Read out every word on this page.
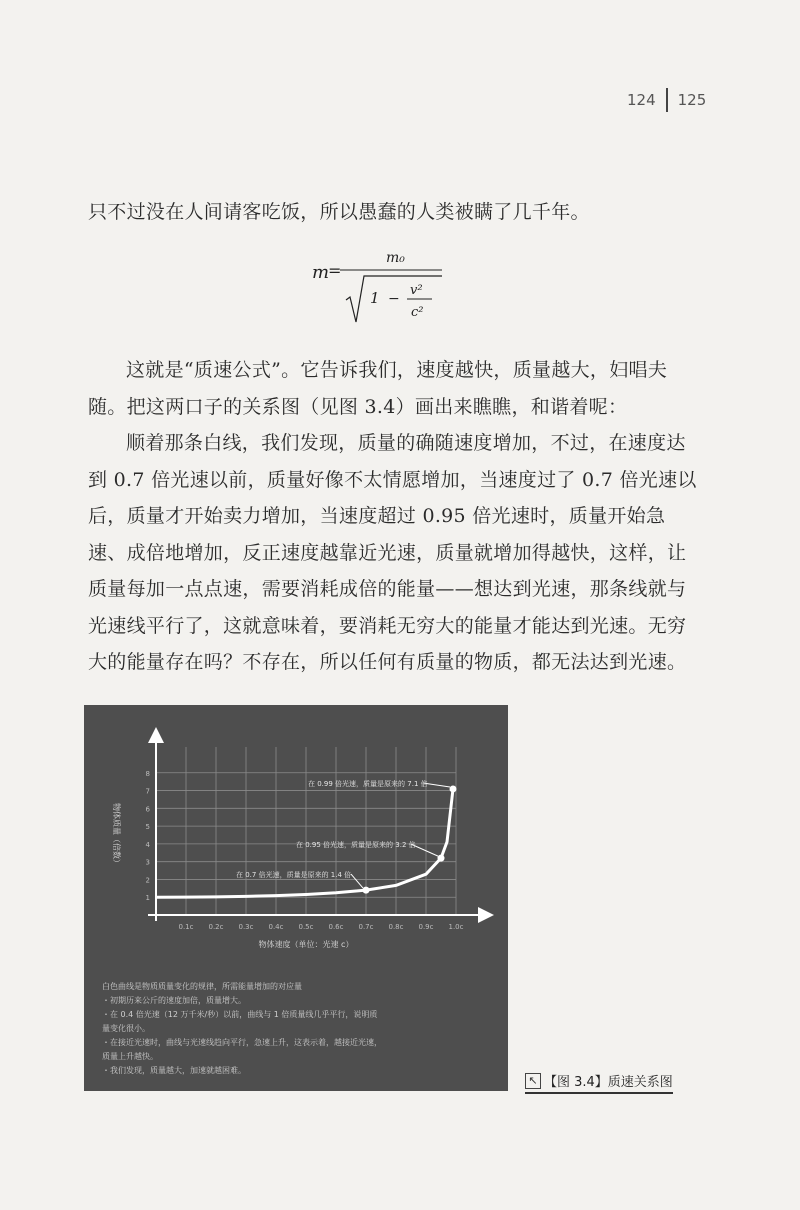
124 125

只不过没在人间请客吃饭，所以愚蠢的人类被瞒了几千年。

m
=
m₀
1 −
v²
c²

这就是“质速公式”。它告诉我们，速度越快，质量越大，妇唱夫随。把这两口子的关系图（见图 3.4）画出来瞧瞧，和谐着呢：

顺着那条白线，我们发现，质量的确随速度增加，不过，在速度达到 0.7 倍光速以前，质量好像不太情愿增加，当速度过了 0.7 倍光速以后，质量才开始卖力增加，当速度超过 0.95 倍光速时，质量开始急速、成倍地增加，反正速度越靠近光速，质量就增加得越快，这样，让质量每加一点点速，需要消耗成倍的能量——想达到光速，那条线就与光速线平行了，这就意味着，要消耗无穷大的能量才能达到光速。无穷大的能量存在吗？不存在，所以任何有质量的物质，都无法达到光速。

0.1c 0.2c 0.3c 0.4c 0.5c 0.6c 0.7c 0.8c 0.9c 1.0c
1
2
3
4
5
6
7
8
在 0.99 倍光速，质量是原来的 7.1 倍
在 0.95 倍光速，质量是原来的 3.2 倍
在 0.7 倍光速，质量是原来的 1.4 倍
物体速度（单位：光速 c）
物体质量（倍数）
白色曲线是物质质量变化的规律，所需能量增加的对应量
・初期历来公斤的速度加倍，质量增大。
・在 0.4 倍光速（12 万千米/秒）以前，曲线与 1 倍质量线几乎平行，说明质
量变化很小。
・在接近光速时，曲线与光速线趋向平行，急速上升，这表示着，越接近光速，
质量上升越快。
・我们发现，质量越大，加速就越困难。
↖ 【图 3.4】质速关系图
